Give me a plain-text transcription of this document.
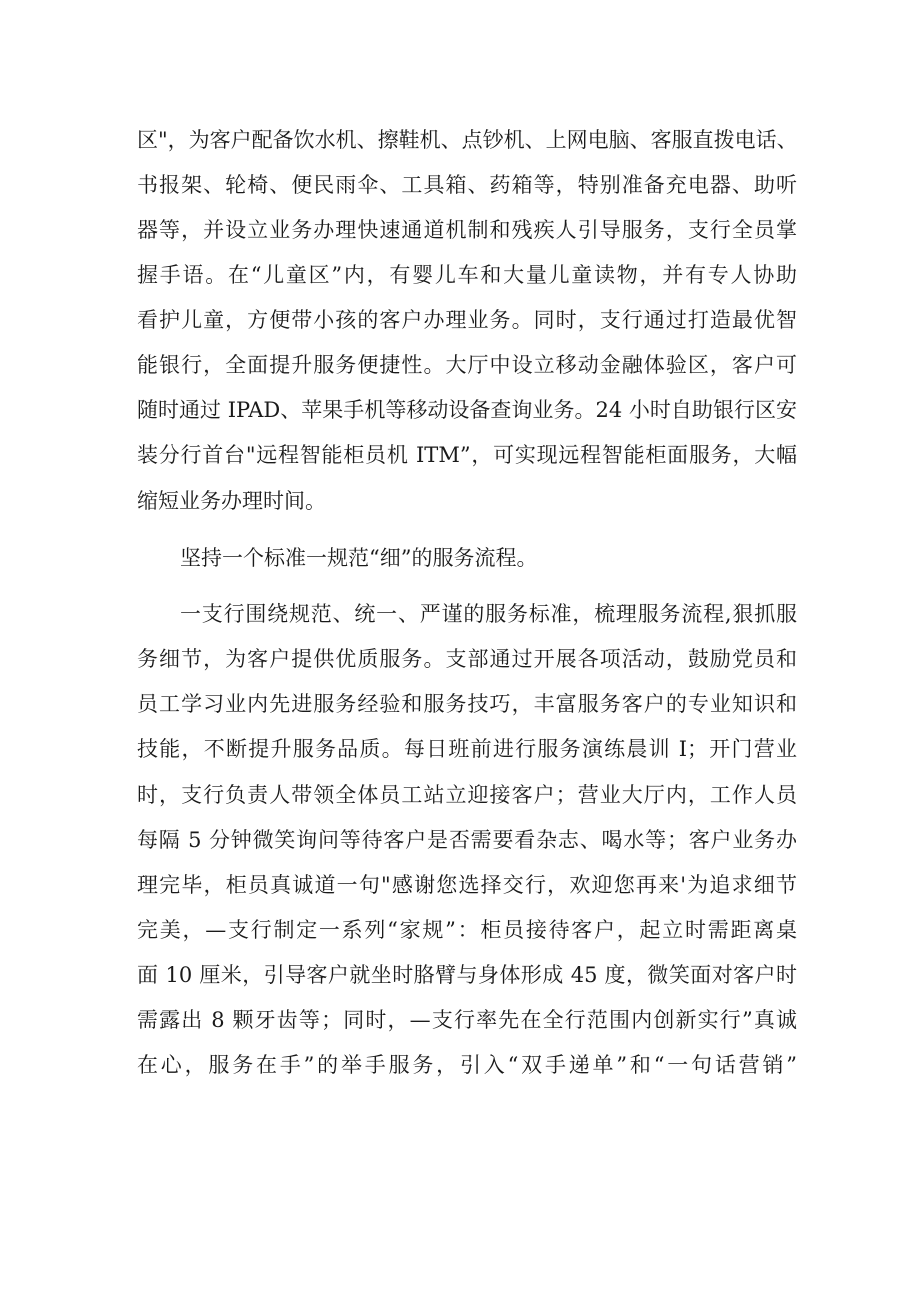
区"，为客户配备饮水机、擦鞋机、点钞机、上网电脑、客服直拨电话、
书报架、轮椅、便民雨伞、工具箱、药箱等，特别准备充电器、助听
器等，并设立业务办理快速通道机制和残疾人引导服务，支行全员掌
握手语。在“儿童区”内，有婴儿车和大量儿童读物，并有专人协助
看护儿童，方便带小孩的客户办理业务。同时，支行通过打造最优智
能银行，全面提升服务便捷性。大厅中设立移动金融体验区，客户可
随时通过 IPAD、苹果手机等移动设备查询业务。24 小时自助银行区安
装分行首台"远程智能柜员机 ITM”，可实现远程智能柜面服务，大幅
缩短业务办理时间。
坚持一个标准一规范“细”的服务流程。
一支行围绕规范、统一、严谨的服务标准，梳理服务流程,狠抓服
务细节，为客户提供优质服务。支部通过开展各项活动，鼓励党员和
员工学习业内先进服务经验和服务技巧，丰富服务客户的专业知识和
技能，不断提升服务品质。每日班前进行服务演练晨训 I；开门营业
时，支行负责人带领全体员工站立迎接客户；营业大厅内，工作人员
每隔 5 分钟微笑询问等待客户是否需要看杂志、喝水等；客户业务办
理完毕，柜员真诚道一句"感谢您选择交行，欢迎您再来'为追求细节
完美，—支行制定一系列“家规”：柜员接待客户，起立时需距离桌
面 10 厘米，引导客户就坐时胳臂与身体形成 45 度，微笑面对客户时
需露出 8 颗牙齿等；同时，—支行率先在全行范围内创新实行”真诚
在心，服务在手”的举手服务，引入“双手递单”和“一句话营销”
